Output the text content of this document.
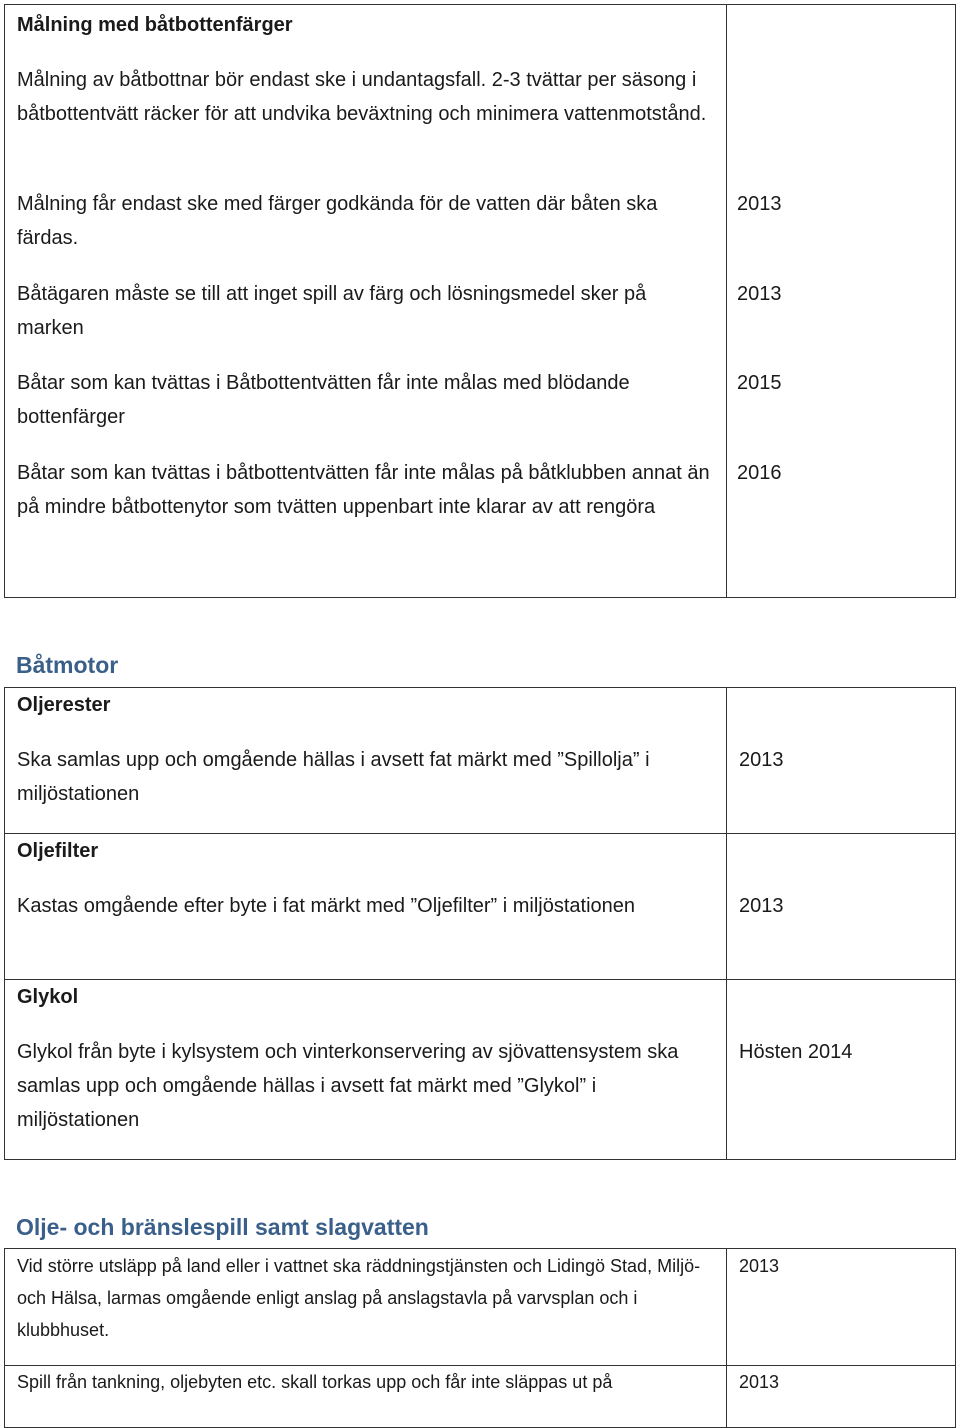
Målning med båtbottenfärger

Målning av båtbottnar bör endast ske i undantagsfall. 2-3 tvättar per säsong i båtbottentvätt räcker för att undvika beväxtning och minimera vattenmotstånd.

Målning får endast ske med färger godkända för de vatten där båten ska färdas.

Båtägaren måste se till att inget spill av färg och lösningsmedel sker på marken

Båtar som kan tvättas i Båtbottentvätten får inte målas med blödande bottenfärger

Båtar som kan tvättas i båtbottentvätten får inte målas på båtklubben annat än på mindre båtbottenytor som tvätten uppenbart inte klarar av att rengöra

2013
2013
2015
2016
Båtmotor

Oljerester

Ska samlas upp och omgående hällas i avsett fat märkt med ”Spillolja” i miljöstationen

2013

Oljefilter

Kastas omgående efter byte i fat märkt med ”Oljefilter” i miljöstationen	2013

Glykol

Glykol från byte i kylsystem och vinterkonservering av sjövattensystem ska samlas upp och omgående hällas i avsett fat märkt med ”Glykol” i miljöstationen

Hösten 2014

Olje- och bränslespill samt slagvatten

Vid större utsläpp på land eller i vattnet ska räddningstjänsten och Lidingö Stad, Miljö- och Hälsa, larmas omgående enligt anslag på anslagstavla på varvsplan och i klubbhuset.

2013

Spill från tankning, oljebyten etc. skall torkas upp och får inte släppas ut på	2013
